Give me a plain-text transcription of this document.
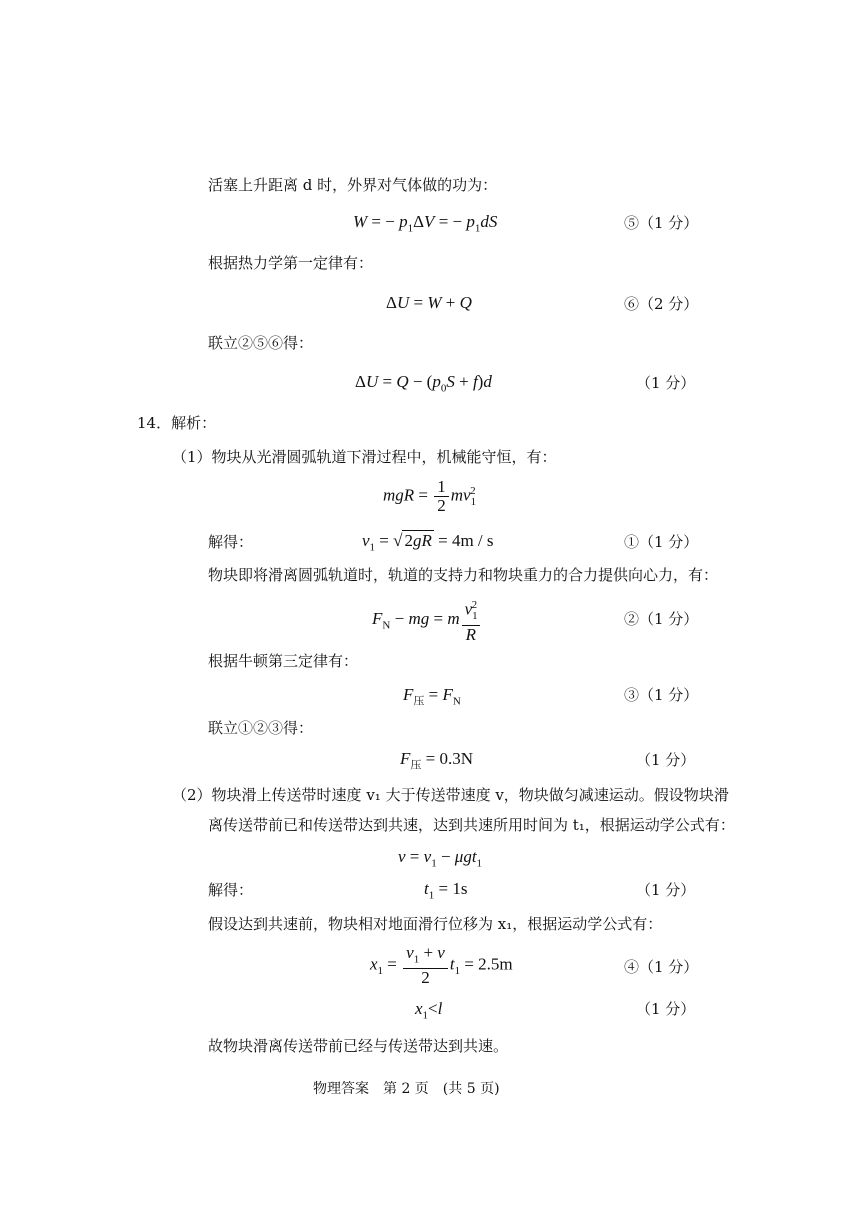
活塞上升距离 d 时，外界对气体做的功为：
W = − $p_1\Delta V$ = − $p_1dS$	⑤（1 分）
根据热力学第一定律有：
ΔU = W + Q	⑥（2 分）
联立②⑤⑥得：
$\Delta U = Q - (p_0S + f)d$	（1 分）
14．解析：
（1）物块从光滑圆弧轨道下滑过程中，机械能守恒，有：
mgR = $\frac{1}{2} mv_1^2$
解得：	$v_1$ = √ 2gR = 4m / s	①（1 分）
物块即将滑离圆弧轨道时，轨道的支持力和物块重力的合力提供向心力，有：
$F_N$ − mg = m $\frac{v_1^2}{R}$	②（1 分）
根据牛顿第三定律有：
$F_压 = F_N$	③（1 分）
联立①②③得：
$F_压 = 0.3N$	（1 分）
（2）物块滑上传送带时速度 v₁ 大于传送带速度 v，物块做匀减速运动。假设物块滑
离传送带前已和传送带达到共速，达到共速所用时间为 t₁，根据运动学公式有：
$v = v_1 - \mu gt_1$
解得：	$t_1 = 1s$	（1 分）
假设达到共速前，物块相对地面滑行位移为 x₁，根据运动学公式有：
$x_1 = \frac{v_1 + v}{2} t_1 = 2.5m$	④（1 分）
$x_1<l$	（1 分）
故物块滑离传送带前已经与传送带达到共速。
物理答案　第 2 页　(共 5 页)
